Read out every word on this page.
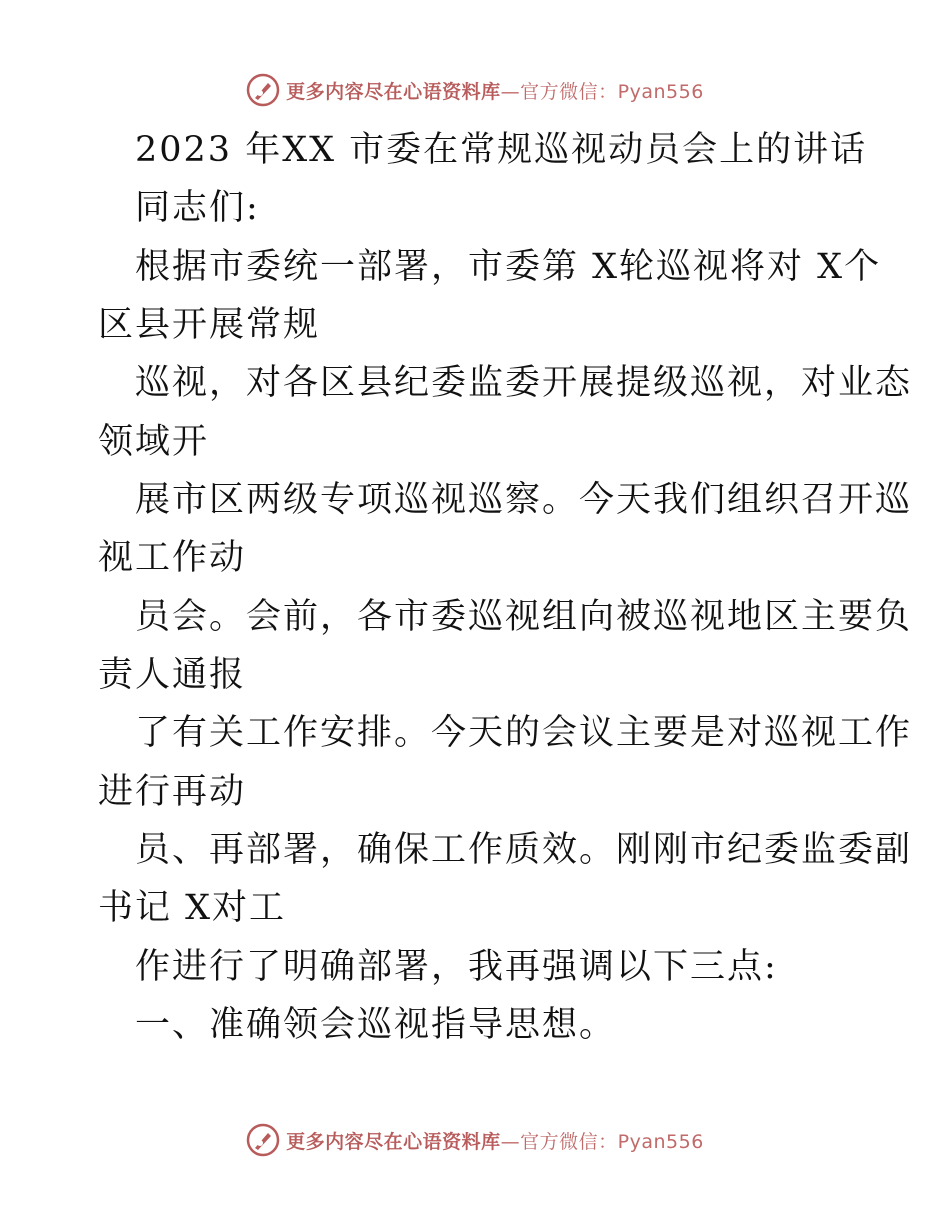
更多内容尽在心语资料库—官方微信：Pyan556
2023 年XX 市委在常规巡视动员会上的讲话
同志们:
根据市委统一部署，市委第 X轮巡视将对 X个
区县开展常规
巡视，对各区县纪委监委开展提级巡视，对业态
领域开
展市区两级专项巡视巡察。今天我们组织召开巡
视工作动
员会。会前，各市委巡视组向被巡视地区主要负
责人通报
了有关工作安排。今天的会议主要是对巡视工作
进行再动
员、再部署，确保工作质效。刚刚市纪委监委副
书记 X对工
作进行了明确部署，我再强调以下三点:
一、准确领会巡视指导思想。
更多内容尽在心语资料库—官方微信：Pyan556
